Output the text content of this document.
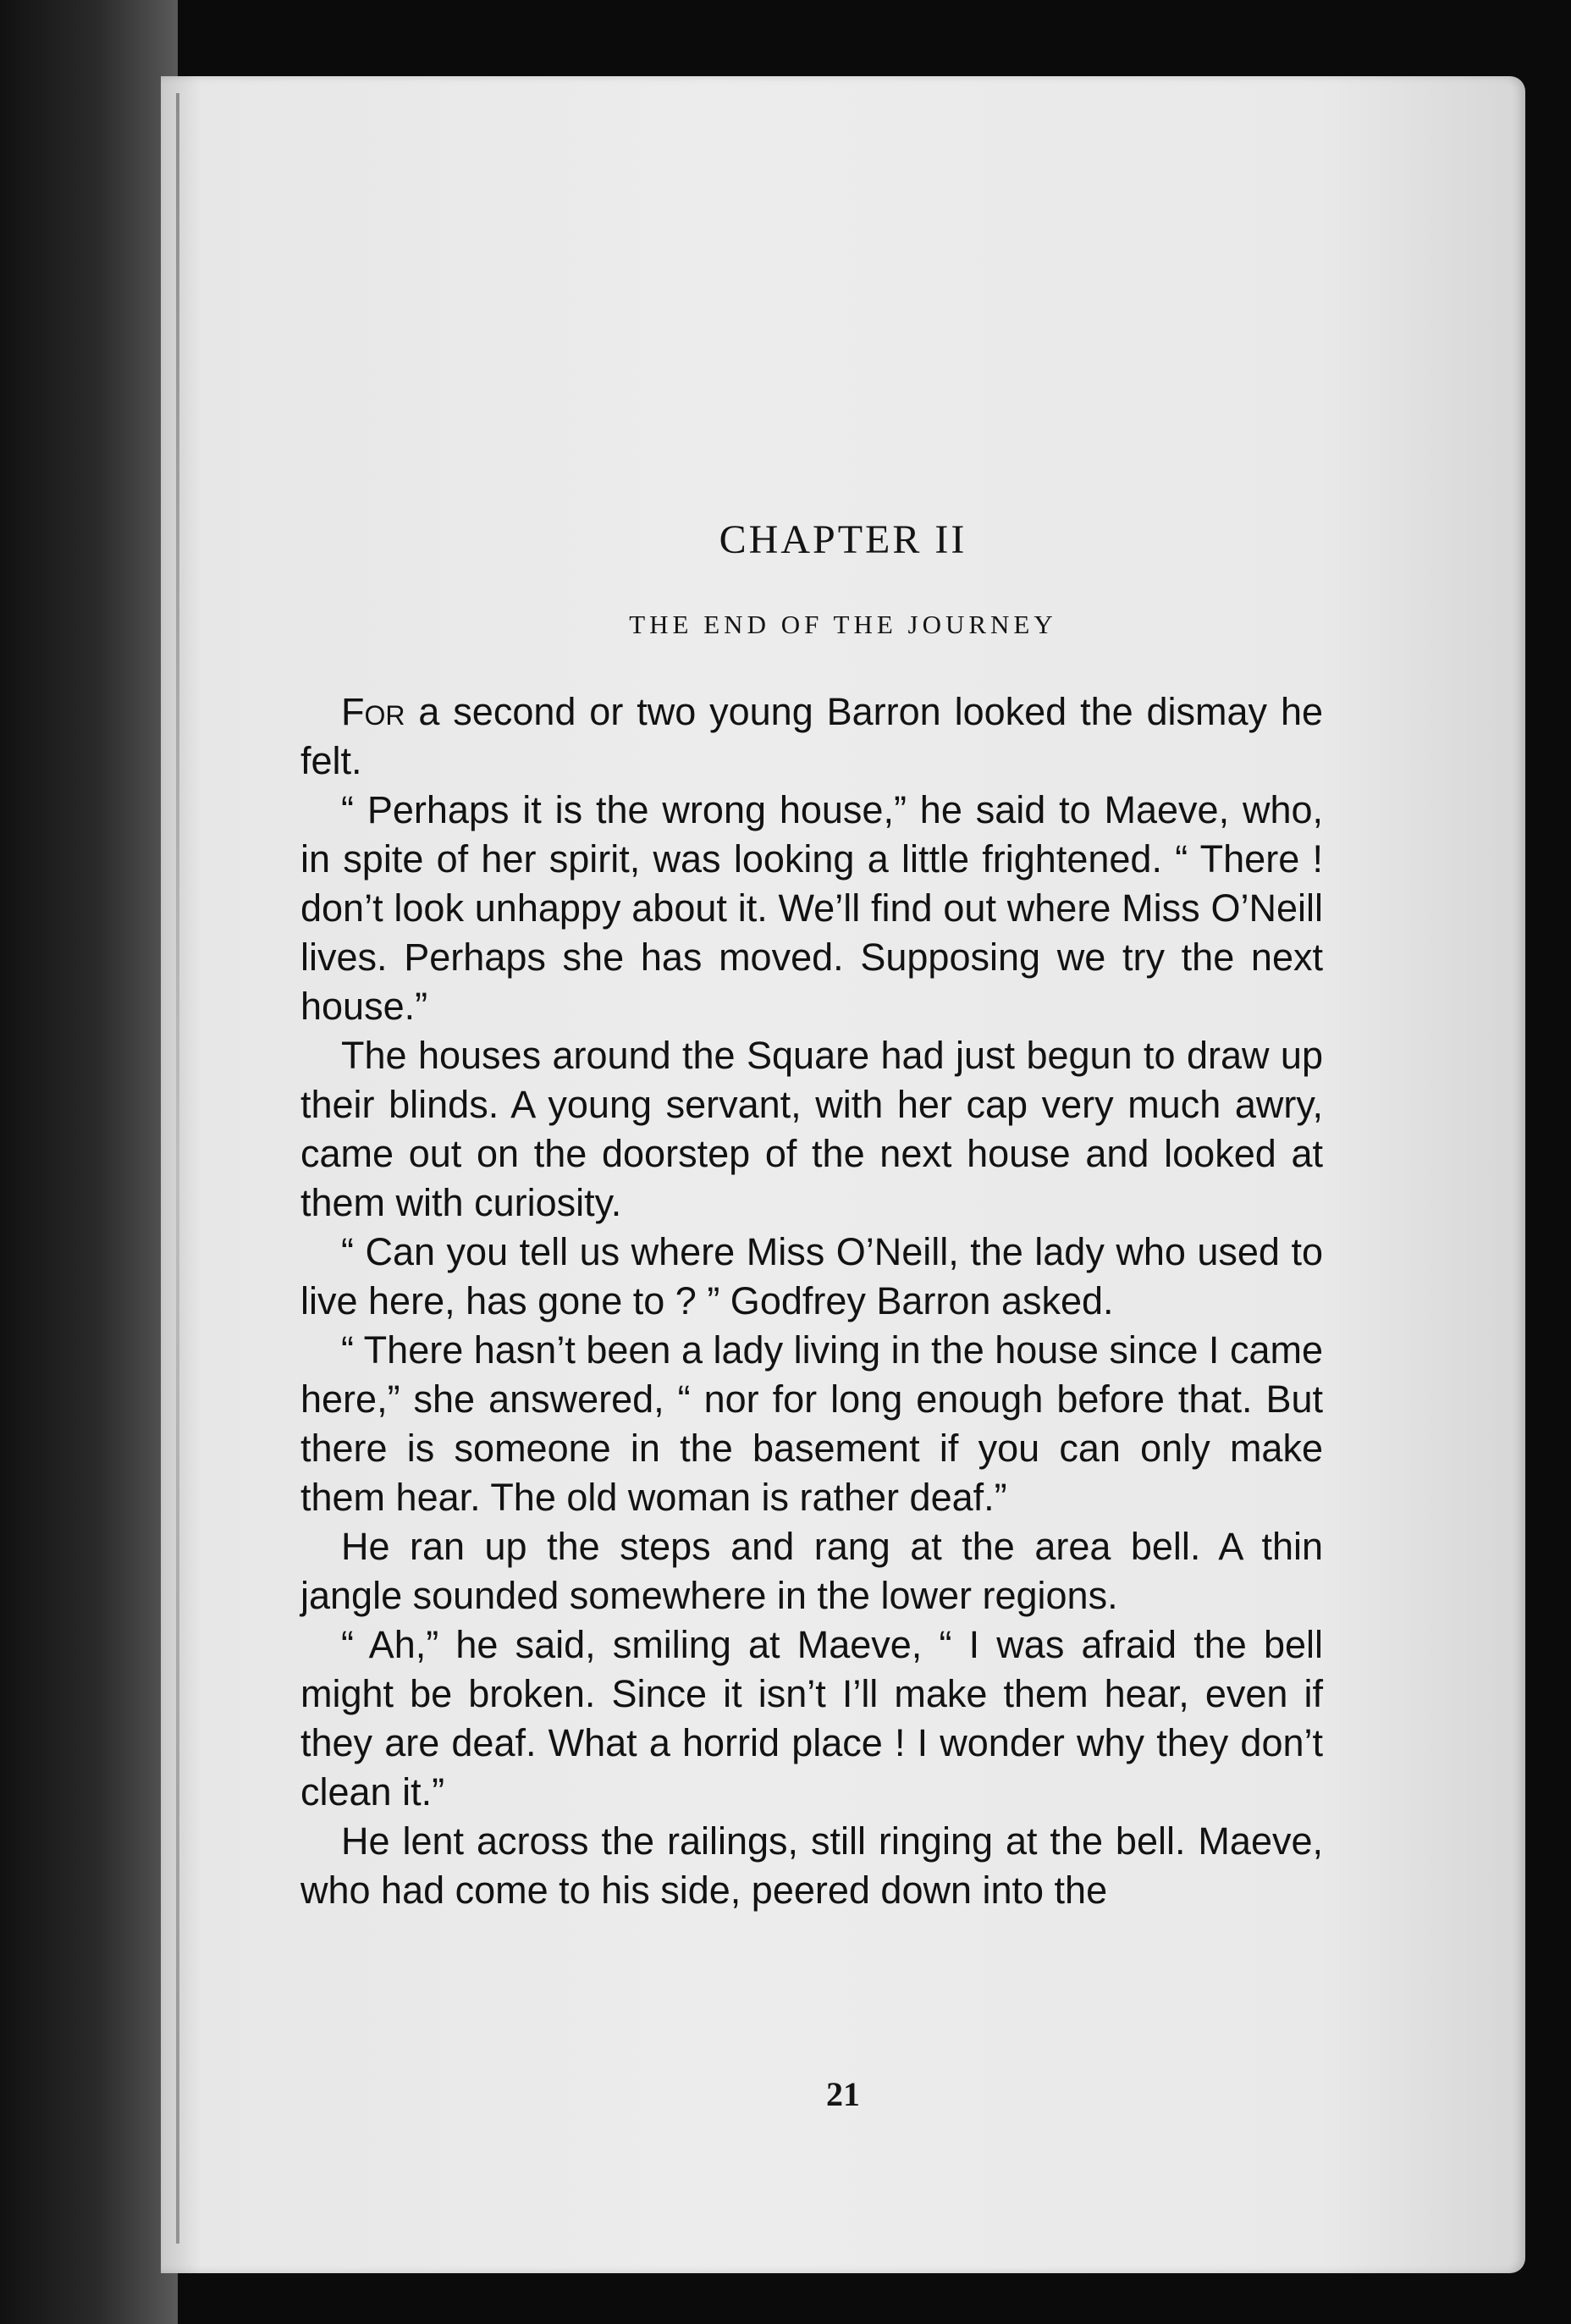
CHAPTER II
THE END OF THE JOURNEY

For a second or two young Barron looked the dismay he felt.

“ Perhaps it is the wrong house,” he said to Maeve, who, in spite of her spirit, was looking a little frightened. “ There ! don’t look unhappy about it. We’ll find out where Miss O’Neill lives. Perhaps she has moved. Supposing we try the next house.”

The houses around the Square had just begun to draw up their blinds. A young servant, with her cap very much awry, came out on the doorstep of the next house and looked at them with curiosity.

“ Can you tell us where Miss O’Neill, the lady who used to live here, has gone to ? ” Godfrey Barron asked.

“ There hasn’t been a lady living in the house since I came here,” she answered, “ nor for long enough before that. But there is someone in the basement if you can only make them hear. The old woman is rather deaf.”

He ran up the steps and rang at the area bell. A thin jangle sounded somewhere in the lower regions.

“ Ah,” he said, smiling at Maeve, “ I was afraid the bell might be broken. Since it isn’t I’ll make them hear, even if they are deaf. What a horrid place ! I wonder why they don’t clean it.”

He lent across the railings, still ringing at the bell. Maeve, who had come to his side, peered down into the

21
